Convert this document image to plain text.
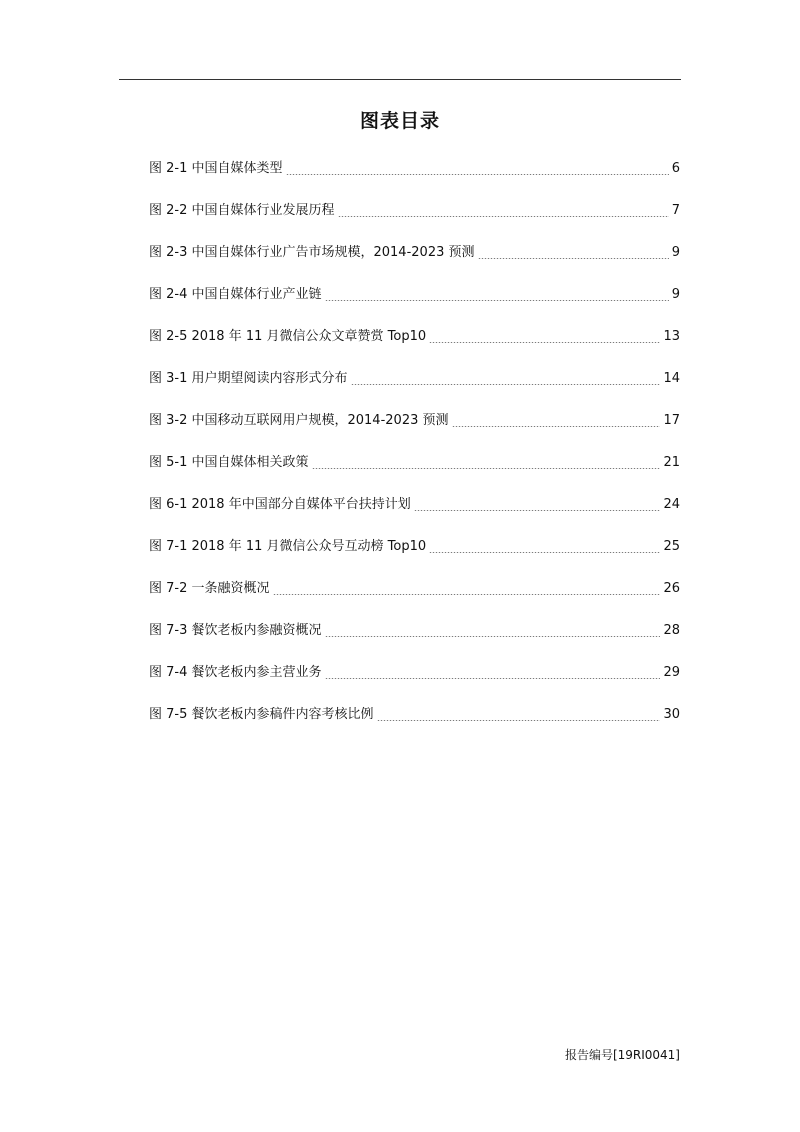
图表目录
图 2-1 中国自媒体类型	6
图 2-2 中国自媒体行业发展历程	7
图 2-3 中国自媒体行业广告市场规模，2014-2023 预测	9
图 2-4 中国自媒体行业产业链	9
图 2-5 2018 年 11 月微信公众文章赞赏 Top10	13
图 3-1 用户期望阅读内容形式分布	14
图 3-2 中国移动互联网用户规模，2014-2023 预测	17
图 5-1 中国自媒体相关政策	21
图 6-1 2018 年中国部分自媒体平台扶持计划	24
图 7-1 2018 年 11 月微信公众号互动榜 Top10	25
图 7-2 一条融资概况	26
图 7-3 餐饮老板内参融资概况	28
图 7-4 餐饮老板内参主营业务	29
图 7-5 餐饮老板内参稿件内容考核比例	30
报告编号[19RI0041]
